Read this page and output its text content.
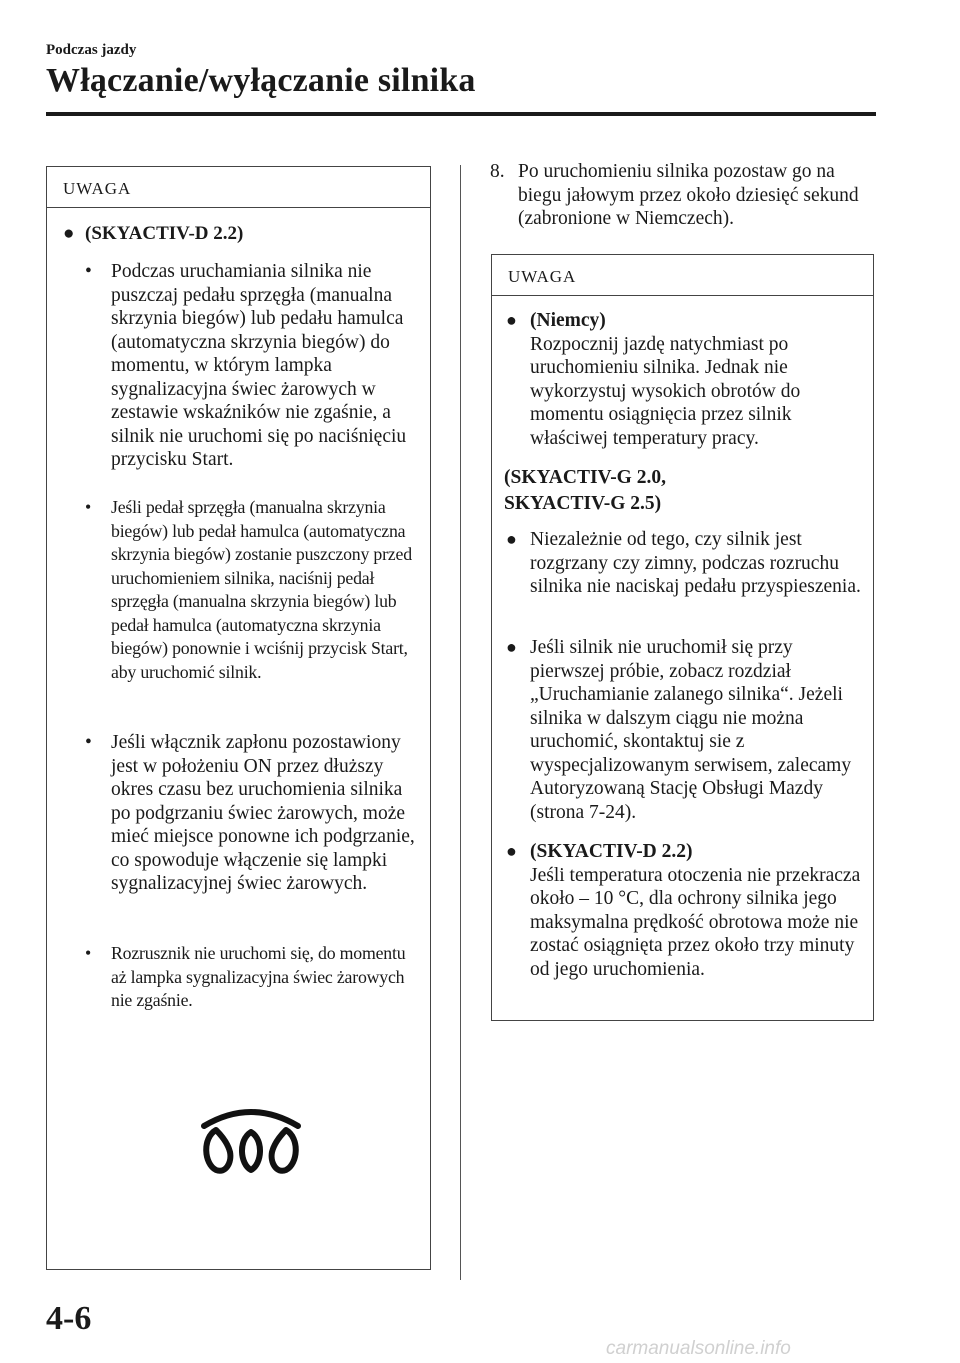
Podczas jazdy
Włączanie/wyłączanie silnika
UWAGA
● (SKYACTIV-D 2.2)
• Podczas uruchamiania silnika nie puszczaj pedału sprzęgła (manualna skrzynia biegów) lub pedału hamulca (automatyczna skrzynia biegów) do momentu, w którym lampka sygnalizacyjna świec żarowych w zestawie wskaźników nie zgaśnie, a silnik nie uruchomi się po naciśnięciu przycisku Start.
•	Jeśli pedał sprzęgła (manualna skrzynia biegów) lub pedał hamulca (automatyczna skrzynia biegów) zostanie puszczony przed uruchomieniem silnika, naciśnij pedał sprzęgła (manualna skrzynia biegów) lub pedał hamulca (automatyczna skrzynia biegów) ponownie i wciśnij przycisk Start, aby uruchomić silnik.
• Jeśli włącznik zapłonu pozostawiony jest w położeniu ON przez dłuższy okres czasu bez uruchomienia silnika po podgrzaniu świec żarowych, może mieć miejsce ponowne ich podgrzanie, co spowoduje włączenie się lampki sygnalizacyjnej świec żarowych.
•	Rozrusznik nie uruchomi się, do momentu aż lampka sygnalizacyjna świec żarowych nie zgaśnie.
8. Po uruchomieniu silnika pozostaw go na biegu jałowym przez około dziesięć sekund (zabronione w Niemczech).
UWAGA
● (Niemcy)
Rozpocznij jazdę natychmiast po uruchomieniu silnika. Jednak nie wykorzystuj wysokich obrotów do momentu osiągnięcia przez silnik właściwej temperatury pracy.
(SKYACTIV-G 2.0,
SKYACTIV-G 2.5)
● Niezależnie od tego, czy silnik jest rozgrzany czy zimny, podczas rozruchu silnika nie naciskaj pedału przyspieszenia.
● Jeśli silnik nie uruchomił się przy pierwszej próbie, zobacz rozdział „Uruchamianie zalanego silnika“. Jeżeli silnika w dalszym ciągu nie można uruchomić, skontaktuj sie z wyspecjalizowanym serwisem, zalecamy Autoryzowaną Stację Obsługi Mazdy (strona 7-24).
● (SKYACTIV-D 2.2)
Jeśli temperatura otoczenia nie przekracza około – 10 °C, dla ochrony silnika jego maksymalna prędkość obrotowa może nie zostać osiągnięta przez około trzy minuty od jego uruchomienia.
4-6
carmanualsonline.info
